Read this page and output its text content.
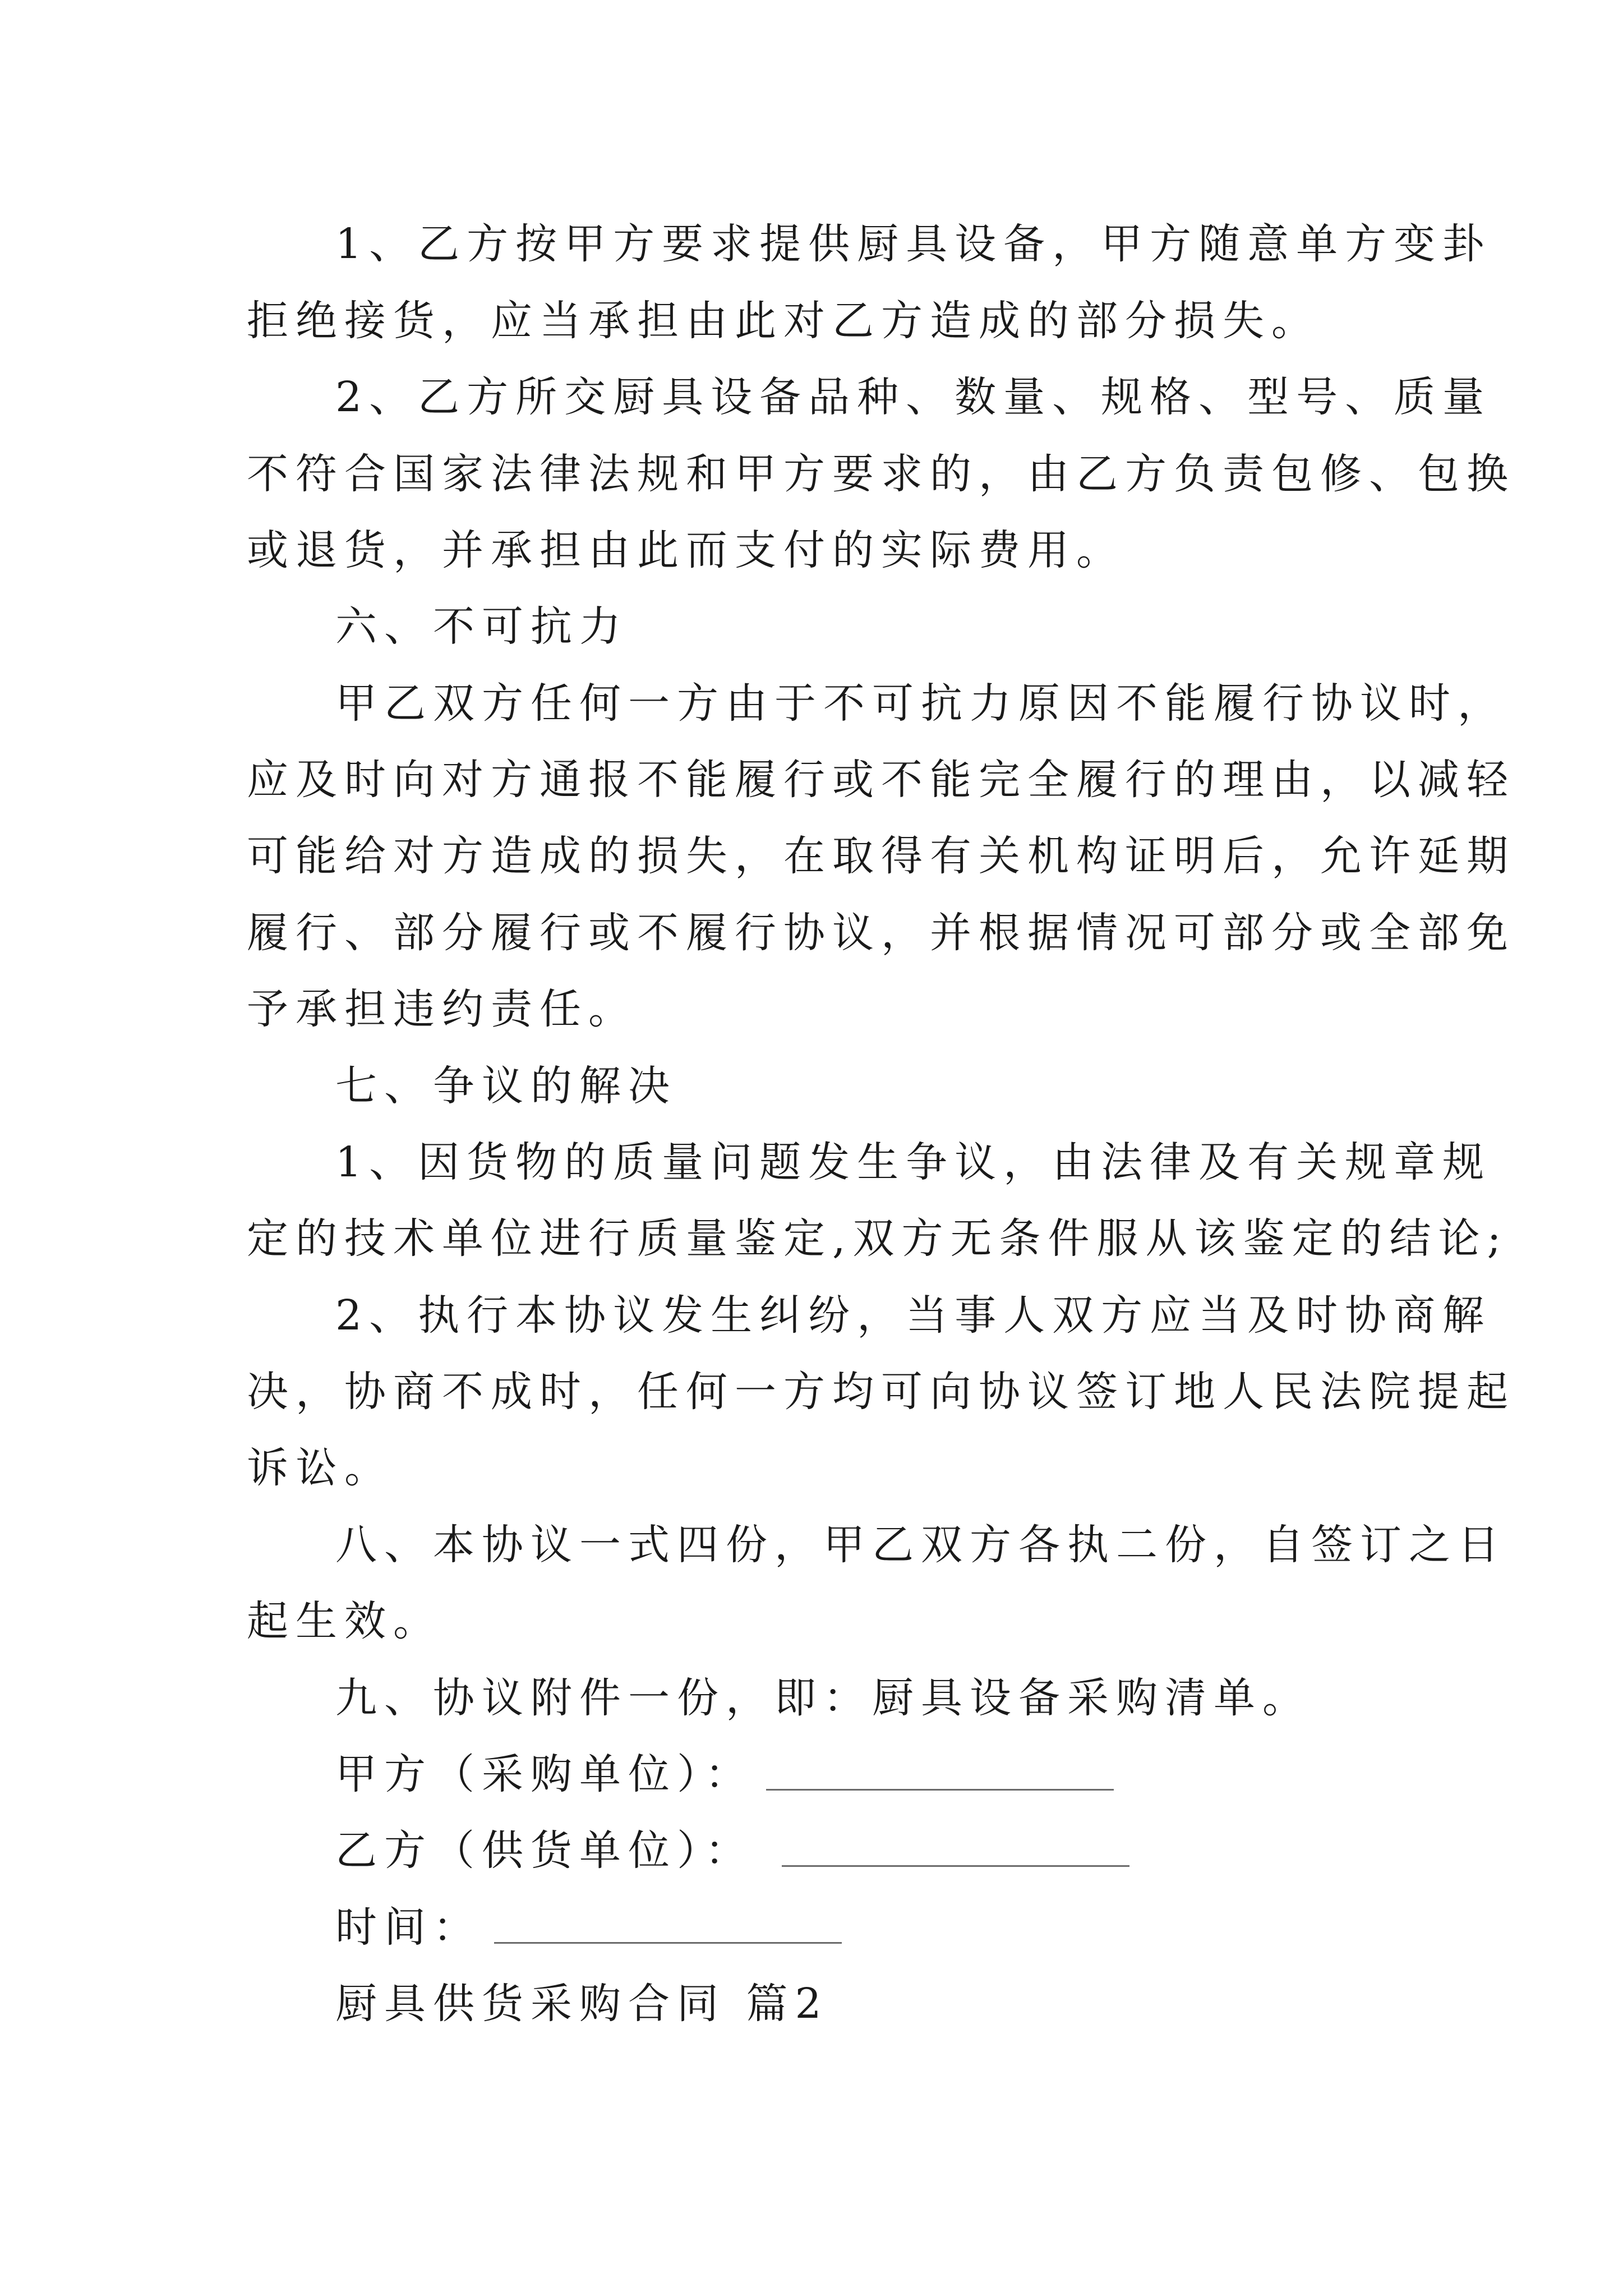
1、乙方按甲方要求提供厨具设备，甲方随意单方变卦
拒绝接货，应当承担由此对乙方造成的部分损失。
2、乙方所交厨具设备品种、数量、规格、型号、质量
不符合国家法律法规和甲方要求的，由乙方负责包修、包换
或退货，并承担由此而支付的实际费用。
六、不可抗力
甲乙双方任何一方由于不可抗力原因不能履行协议时，
应及时向对方通报不能履行或不能完全履行的理由，以减轻
可能给对方造成的损失，在取得有关机构证明后，允许延期
履行、部分履行或不履行协议，并根据情况可部分或全部免
予承担违约责任。
七、争议的解决
1、因货物的质量问题发生争议，由法律及有关规章规
定的技术单位进行质量鉴定,双方无条件服从该鉴定的结论;
2、执行本协议发生纠纷，当事人双方应当及时协商解
决，协商不成时，任何一方均可向协议签订地人民法院提起
诉讼。
八、本协议一式四份，甲乙双方各执二份，自签订之日
起生效。
九、协议附件一份，即：厨具设备采购清单。
甲方（采购单位）：
乙方（供货单位）：
时间：
厨具供货采购合同 篇2
